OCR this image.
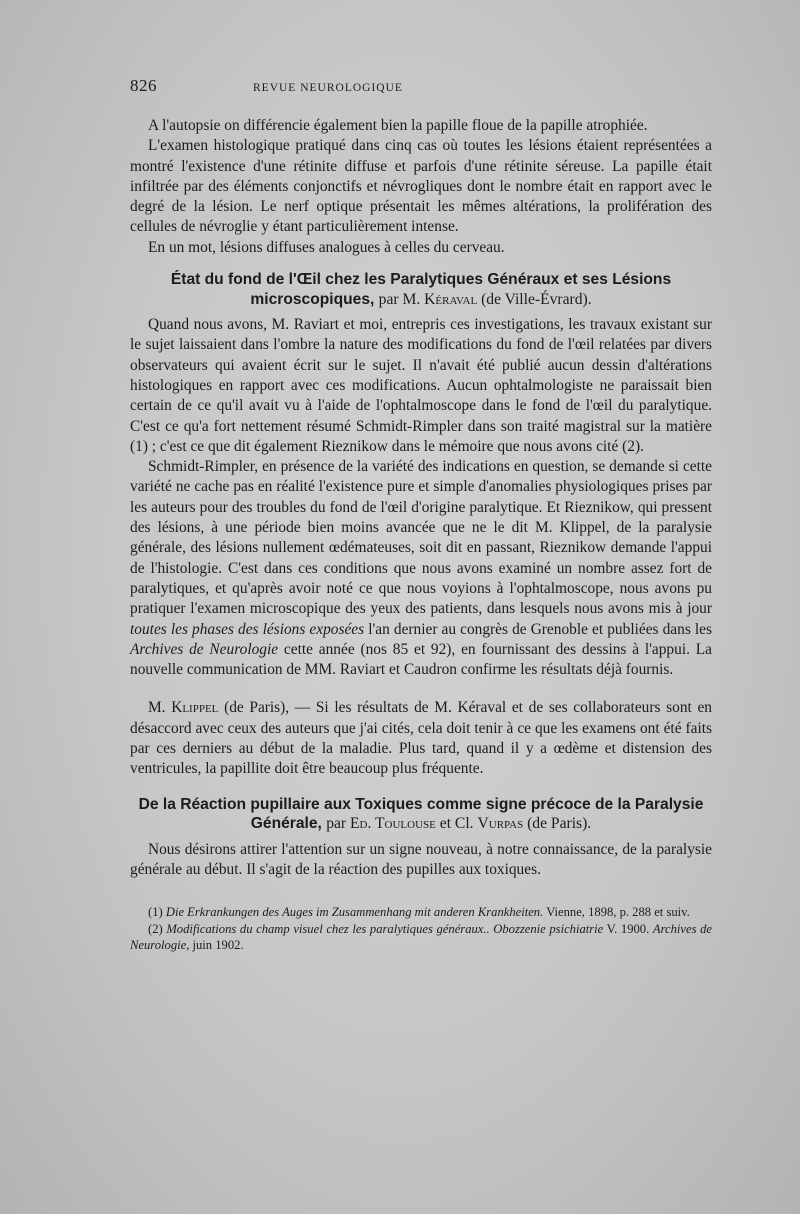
826	REVUE NEUROLOGIQUE

A l'autopsie on différencie également bien la papille floue de la papille atrophiée.

L'examen histologique pratiqué dans cinq cas où toutes les lésions étaient représentées a montré l'existence d'une rétinite diffuse et parfois d'une rétinite séreuse. La papille était infiltrée par des éléments conjonctifs et névrogliques dont le nombre était en rapport avec le degré de la lésion. Le nerf optique présentait les mêmes altérations, la prolifération des cellules de névroglie y étant particulièrement intense.

En un mot, lésions diffuses analogues à celles du cerveau.

État du fond de l'Œil chez les Paralytiques Généraux et ses Lésions microscopiques, par M. Kéraval (de Ville-Évrard).

Quand nous avons, M. Raviart et moi, entrepris ces investigations, les travaux existant sur le sujet laissaient dans l'ombre la nature des modifications du fond de l'œil relatées par divers observateurs qui avaient écrit sur le sujet. Il n'avait été publié aucun dessin d'altérations histologiques en rapport avec ces modifications. Aucun ophtalmologiste ne paraissait bien certain de ce qu'il avait vu à l'aide de l'ophtalmoscope dans le fond de l'œil du paralytique. C'est ce qu'a fort nettement résumé Schmidt-Rimpler dans son traité magistral sur la matière (1) ; c'est ce que dit également Rieznikow dans le mémoire que nous avons cité (2).

Schmidt-Rimpler, en présence de la variété des indications en question, se demande si cette variété ne cache pas en réalité l'existence pure et simple d'anomalies physiologiques prises par les auteurs pour des troubles du fond de l'œil d'origine paralytique. Et Rieznikow, qui pressent des lésions, à une période bien moins avancée que ne le dit M. Klippel, de la paralysie générale, des lésions nullement œdémateuses, soit dit en passant, Rieznikow demande l'appui de l'histologie. C'est dans ces conditions que nous avons examiné un nombre assez fort de paralytiques, et qu'après avoir noté ce que nous voyions à l'ophtalmoscope, nous avons pu pratiquer l'examen microscopique des yeux des patients, dans lesquels nous avons mis à jour toutes les phases des lésions exposées l'an dernier au congrès de Grenoble et publiées dans les Archives de Neurologie cette année (nos 85 et 92), en fournissant des dessins à l'appui. La nouvelle communication de MM. Raviart et Caudron confirme les résultats déjà fournis.

M. Klippel (de Paris), — Si les résultats de M. Kéraval et de ses collaborateurs sont en désaccord avec ceux des auteurs que j'ai cités, cela doit tenir à ce que les examens ont été faits par ces derniers au début de la maladie. Plus tard, quand il y a œdème et distension des ventricules, la papillite doit être beaucoup plus fréquente.

De la Réaction pupillaire aux Toxiques comme signe précoce de la Paralysie Générale, par Ed. Toulouse et Cl. Vurpas (de Paris).

Nous désirons attirer l'attention sur un signe nouveau, à notre connaissance, de la paralysie générale au début. Il s'agit de la réaction des pupilles aux toxiques.

(1) Die Erkrankungen des Auges im Zusammenhang mit anderen Krankheiten. Vienne, 1898, p. 288 et suiv.

(2) Modifications du champ visuel chez les paralytiques généraux.. Obozzenie psichiatrie V. 1900. Archives de Neurologie, juin 1902.
